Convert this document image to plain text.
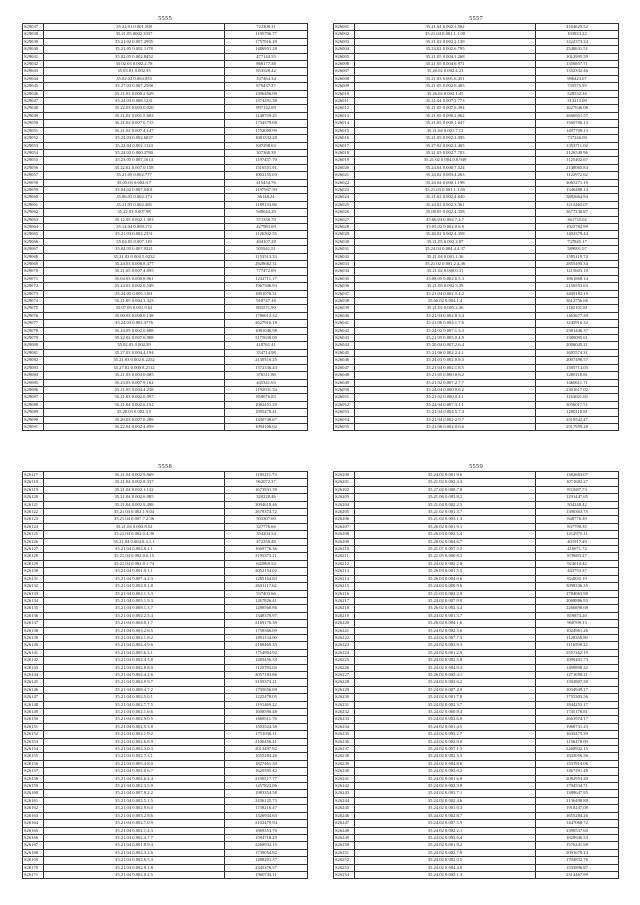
5555
S29037	35.22.01 0.001.508	722308.31
S29038	35.21.05 0002 3337	1195796.77
S29039	35.21.02 0.007.2995	1757916.29
S29040	35.21.05 0.002 1178	1486951.28
S29041	35.02.05 0.002.8452	477144.55
S29042	35.02.03 0.002.2.78	868177.38
S29043	35.03.03 0.002.35	853528.42
S29044	35.02.02 0.004.053	337464.34
S29045	35.27.03 0.007.2588	879437.37
S29046	35.21.03 0.000.2.639	1396406.09
S29047	35.24.03 0.008.1231	1374291.38
S29048	35.22.03 0.003.0.020	897142.09
S29049	35.21.02 0.001.5.602	1148759.25
S29050	35.21.02 0.007.0.715	1734579.68
S29051	35.21.02 0.007.4.147	1752009.99
S29052	35.24.03 0.002.6037	1081332.28
S29053	35.22.04 0.002.1124	847298.63
S29054	35.24.03 0.000.3780	307368.38
S29055	35.23.05 0.007.1614	1197457.79
S29056	35.22.02 0.007.0.158	1516551.91
S29057	35.21.05 0.002.777	1002155.03
S29058	35.05.03 0.002.0.7	415454.76
S29059	35.04.02 0.007.0401	1197947.59
S29060	35.06.03 0.002.373	36148.24
S29061	35.21.05 0.002.365	1189133.86
S29062	35.22.03 0.007.98	948044.29
S29063	35.12.05 0.002.1.303	571338.70
S29064	35.14.04 0.008.172	427983.09
S29065	35.21.03 0.002.2351	1126302.55
S29066	35.04.05 0.007.119	404107.28
S29067	35.04.05 0.007.9221	505941.51
S29068	35.21.03 0.000.5.0232	1153513.33
S29069	35.24.03 0.000.8.477	2828682.31
S29070	35.21.05 0.007.4.095	777472.09
S29071	35.04.03 0.000.8.961	1232711.17
S29072	35.24.03 0.002.0.549	1967506.93
S29073	35.24.05 0.005.1181	1801076.31
S29074	35.21.05 0.004.3.323	918747.18
S29075	35.07.05 0.001.9.62	893571.90
S29076	35.00.03 0.000.0.138	1786612.32
S29077	35.24.03 0.002.3776	2627916.18
S29078	35.24.05 0.002.0.688	1081046.98
S29079	35.22.02 0.007.0.908	3175638.09
S29080	35.02.03 0.002.39	418761.41
S29081	35.27.03 0.004.4.194	354714.98
S29082	35.21.03 0.002.6.2252	2130516.25
S29083	35.27.02 0.000.8.2112	1372336.43
S29084	35.21.03 0.003.0.085	376511.88
S29085	35.23.03 0.007.9.162	445341.63
S29086	35.21.05 0.004.4.238	1192031.54
S29087	35.21.03 0.002.0.097	858076.83
S29088	35.21.04 0.002.6.152	1082451.29
S29089	35.20.03 0.002.3.5	1095478.41
S29090	35.20.03 0.007.0.289	1330748.67
S29091	35.22.04 0.002.4.059	1094106.62
5557
S26001	35.21.04 0.002.1.502	4164625.52
S26002	35.21.04 0.001.1.1.00	103833.22
S26003	35.21.02 0.002.2.139	1422373.24
S26004	35.24.02 0.002.6.795	2548631.51
S26005	35.21.05 0.004.1.268	1012995.59
S26006	35.21.05 0.004.6.971	1356857.71
S26007	35.26.02 0.002.4.23	1352332.46
S26008	35.21.03 0.001.6.451	986423.07
S26009	35.21.05 0.002.0.405	735575.95
S26010	35.26.02 0.002.1.45	528532.16
S26011	35.21.04 0.007.2.773	313213.09
S26012	35.21.05 0.007.6.394	1627646.08
S26013	35.21.05 0.000.2.062	2666951.57
S26014	35.21.05 0.000.1.647	1560706.13
S26015	35.21.04 0.001.7.12	1497709.13
S26016	35.21.05 0.002.2.095	737246.00
S26017	35.27.02 0.002.2.465	1353711.02
S26018	35.21.03 0.002.7.703	2126549.96
S26019	35.21.02 0.004.0.8.949	1125402.67
S26020	35.24.04 0.000.7.524	2148065.84
S26021	35.24.02 0.003.4.263	1122972.62
S26022	35.24.04 0.000.1.198	2065271.19
S26023	35.21.03 0.001.1.1.65	1346488.14
S26024	35.21.02 0.002.4.840	5882664.94
S26025	35.24.02 0.002.3.361	1212465.07
S26026	35.08.05 0.002.4.358	3677236.87
S26027	35.66.03 0.004.7.4.7	361735.02
S26028	35.05.02 0.002.0.6.9	1925782.99
S26029	35.26.02 0.002.4.358	1492379.44
S26030	35.21.05 0.002.2.87	737845.17
S26031	35.24.04 0.004.4.4.37	589091.07
S26032	35.21.04 0.001.1.36	1585119.74
S26033	35.21.02 0.001.2.4.36	2855495.34
S26034	35.21.02 0.000.0.31	1215603.10
S26035	35.08.05 0.002.0.5.3	1861868.14
S26036	35.21.05 0.002.5.39	2156553.63
S26037	35.21.04 0.002.5.4.2	3409182.19
S26038	35.66.02 0.004.1.4	3612756.66
S26039	35.21.02 0.005.2.36	1182101.81
S26040	35.21.03 0.002.8.3.4	1463677.39
S26041	35.21.06 0.004.1.7.6	1245916.32
S26042	35.24.02 0.007.1.3.3	2381446.37
S26043	35.21.05 0.005.0.4.9	1380095.61
S26044	35.20.04 0.007.2.6.4	2006045.21
S26045	35.21.06 0.002.2.4.1	1685574.31
S26046	35.24.03 0.002.0.8.3	2007498.57
S26047	35.21.04 0.002.1.8.5	1585713.05
S26048	35.21.05 0.000.0.6.2	1280118.81
S26049	35.21.02 0.007.2.7.7	1460611.71
S26050	35.24.04 0.000.9.6.2	2301617.02
S26051	35.21.02 0.000.0.4.1	1163021.65
S26052	35.24.04 0.007.3.1.1	3056017.51
S26053	35.21.04 0.004.5.7.4	1280118.81
S26054	35.21.04 0.002.2.9.7	2519542.47
S26055	35.21.06 0.002.0.0.6	2517959.28
5558
S26117	35.21.04 0.002.9.669	1185211.73
S26118	35.21.04 0.002.8.337	962072.37
S26119	35.21.04 0.002.1.132	1673931.39
S26120	35.21.04 0.002.6.985	320228.46
S26121	35.21.04 0.002.9.498	3094618.46
S26122	35.21.04 0.002.1.9.04	2678374.72
S26123	35.21.04 0.007.7.2.36	503307.00
S26124	35.21.04 0.003.8.52	327776.66
S26125	35.21.04 0.002.0.4.30	354204.54
S26126	35.21.04 0.004.0.3.1.1	472358.48
S26127	35.21.04 0.002.8.1.1	1669776.36
S26128	35.21.04 0.002.0.6.15	3195373.21
S26129	35.21.04 0.002.0.1.74	642869.54
S26130	35.21.04 0.001.9.1.1	2052154.02
S26131	35.21.04 0.007.4.2.3	1285164.83
S26132	35.21.04 0.002.9.1.8	2651117.62
S26133	35.21.04 0.002.1.3.3	537403.66
S26134	35.21.04 0.003.1.9.3	1267826.41
S26135	35.21.04 0.008.1.3.7	1288560.86
S26136	35.21.04 0.002.2.5.4	1348378.97
S26137	35.21.04 0.004.0.1.7	2169176.39
S26138	35.21.04 0.003.2.6.5	1758366.09
S26139	35.21.04 0.002.1.8.2	1891134.00
S26140	35.21.04 0.002.4.9.6	2188469.33
S26141	35.21.04 0.005.6.3.1	1754904.92
S26142	35.21.04 0.002.4.5.8	1483456.34
S26143	35.21.04 0.002.8.8.0	1125783.03
S26144	35.21.04 0.002.4.2.6	2057183.86
S26145	35.21.04 0.004.9.9.7	3195373.21
S26146	35.21.04 0.008.4.7.2	1795656.69
S26147	35.21.04 0.002.5.0.1	1225478.05
S26148	35.21.04 0.002.7.7.5	1191469.22
S26149	35.21.04 0.002.1.6.6	1608590.48
S26150	35.21.04 0.002.9.0.5	1668511.76
S26151	35.21.04 0.002.5.3.8	1503524.38
S26152	35.21.04 0.002.1.9.2	1751036.11
S26153	35.21.04 0.002.6.8.9	2106456.41
S26154	35.21.04 0.002.3.0.3	2013497.82
S26155	35.21.04 0.002.7.3.1	1655284.26
S26156	35.21.04 0.005.4.8.0	1827461.30
S26157	35.21.04 0.002.0.6.7	1620395.42
S26158	35.21.04 0.002.6.4.4	2190517.77
S26159	35.21.04 0.002.3.5.9	1457823.06
S26160	35.21.04 0.007.8.2.2	1983354.58
S26161	35.21.04 0.002.5.1.5	2436125.73
S26162	35.21.04 0.002.9.6.0	1738216.47
S26163	35.21.04 0.003.2.8.6	1526934.63
S26164	35.21.04 0.002.7.0.9	2102479.94
S26165	35.21.04 0.002.1.4.3	1869353.70
S26166	35.21.04 0.002.4.7.7	1594718.29
S26167	35.21.04 0.001.8.9.4	2268932.15
S26168	35.21.04 0.002.3.2.6	1739054.82
S26169	35.21.04 0.002.6.5.3	1488201.37
S26170	35.21.04 0.002.9.1.8	2345376.57
S26171	35.21.04 0.002.0.2.5	1960744.11
5559
S26200	35.24.02 0.001.9.6	1382663.07
S26201	35.21.02 0.002.4.3	1071682.27
S26202	35.27.02 0.000.7.8	831687.73
S26203	35.21.06 0.003.8.2	1291447.65
S26204	35.21.04 0.002.2.5	504248.42
S26205	35.21.02 0.001.3.7	1390363.75
S26206	35.21.02 0.003.1.3	848776.39
S26207	35.26.02 0.001.9.1	837798.35
S26208	35.26.03 0.002.5.4	1212975.11
S26209	35.20.02 0.004.6.7	401917.49
S26210	35.21.07 0.007.5.5	416971.72
S26211	35.21.05 0.000.8.3	870683.27
S26212	35.24.02 0.002.2.8	923610.42
S26213	35.26.03 0.001.5.5	443753.37
S26214	35.26.03 0.004.0.6	824835.19
S26215	35.24.04 0.000.9.6	3098336.35
S26216	35.21.03 0.002.2.0	2784063.98
S26217	35.24.02 0.007.0.0	2068886.93
S26218	35.26.02 0.002.3.4	2266898.68
S26219	35.24.02 0.001.3.7	859873.20
S26220	35.26.02 0.004.1.6	960709.13
S26221	35.24.02 0.002.5.6	1024961.26
S26222	35.24.02 0.007.7.3	1128358.80
S26223	35.24.02 0.003.9.3	1116598.22
S26224	35.24.02 0.001.2.9	2557262.19
S26225	35.24.02 0.002.5.8	1090401.73
S26226	35.24.02 0.004.0.3	1499898.32
S26227	35.26.02 0.002.4.1	1271058.21
S26228	35.24.02 0.003.6.2	1394807.38
S26229	35.24.02 0.007.4.9	1034949.17
S26230	35.24.02 0.001.7.8	1755303.56
S26231	35.24.02 0.002.3.7	1844253.17
S26232	35.24.02 0.000.8.4	1745178.81
S26233	35.24.02 0.002.6.0	2661974.17
S26234	35.24.02 0.001.4.5	1960731.23
S26235	35.24.02 0.003.2.7	1645475.39
S26236	35.24.02 0.002.9.0	1156478.09
S26237	35.24.02 0.007.1.5	2268932.15
S26238	35.24.02 0.002.5.3	1843056.56
S26239	35.24.02 0.004.8.6	1537814.06
S26240	35.24.02 0.002.0.2	1467291.48
S26241	35.24.02 0.001.6.8	2082953.20
S26242	35.24.02 0.002.3.9	1794534.71
S26243	35.24.02 0.003.7.1	1389647.95
S26244	35.24.02 0.002.4.6	2136498.88
S26245	35.24.02 0.001.0.3	1918247.08
S26246	35.24.02 0.002.8.7	1655284.26
S26247	35.24.02 0.007.5.9	1447068.72
S26248	35.24.02 0.002.2.1	2390537.60
S26249	35.24.02 0.003.6.4	1829946.53
S26250	35.24.02 0.001.9.2	1576241.98
S26251	35.24.02 0.002.7.8	2091678.14
S26252	35.24.02 0.002.0.5	1704832.76
S26253	35.24.02 0.004.4.0	1535896.87
S26254	35.24.02 0.002.1.3	2314467.99
